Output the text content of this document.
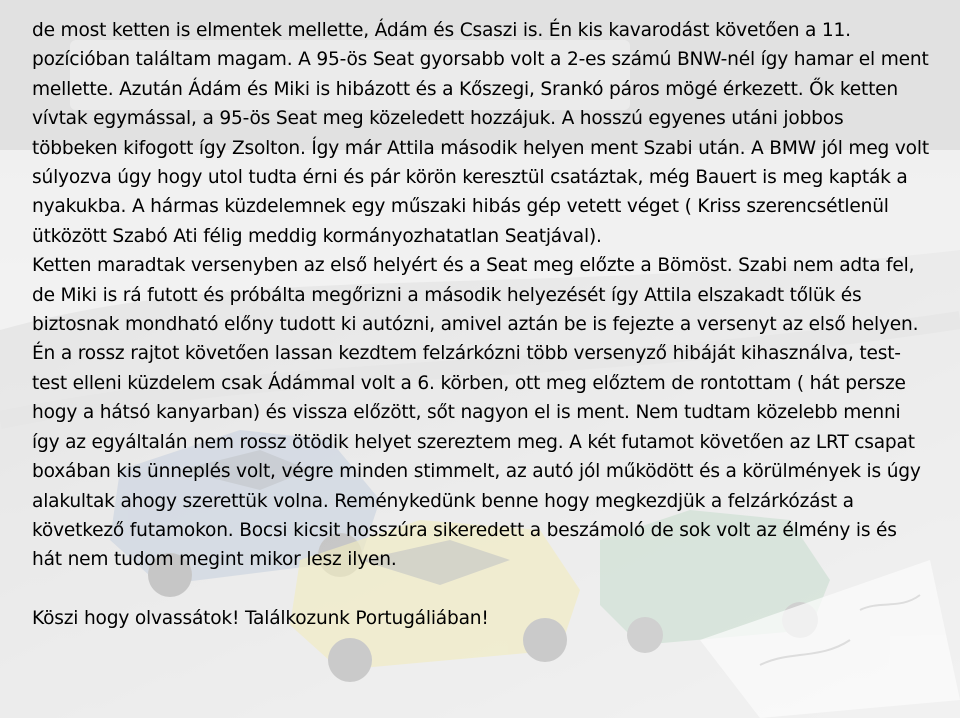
de most ketten is elmentek mellette, Ádám és Csaszi is. Én kis kavarodást követően a 11. pozícióban találtam magam. A 95-ös Seat gyorsabb volt a 2-es számú BNW-nél így hamar el ment mellette. Azután Ádám és Miki is hibázott és a Kőszegi, Srankó páros mögé érkezett. Ők ketten vívtak egymással, a 95-ös Seat meg közeledett hozzájuk. A hosszú egyenes utáni jobbos többeken kifogott így Zsolton. Így már Attila második helyen ment Szabi után. A BMW jól meg volt súlyozva úgy hogy utol tudta érni és pár körön keresztül csatáztak, még Bauert is meg kapták a nyakukba. A hármas küzdelemnek egy műszaki hibás gép vetett véget ( Kriss szerencsétlenül ütközött Szabó Ati félig meddig kormányozhatatlan Seatjával).

Ketten maradtak versenyben az első helyért és a Seat meg előzte a Bömöst. Szabi nem adta fel, de Miki is rá futott és próbálta megőrizni a második helyezését így Attila elszakadt tőlük és biztosnak mondható előny tudott ki autózni, amivel aztán be is fejezte a versenyt az első helyen. Én a rossz rajtot követően lassan kezdtem felzárkózni több versenyző hibáját kihasználva, test-test elleni küzdelem csak Ádámmal volt a 6. körben, ott meg előztem de rontottam ( hát persze hogy a hátsó kanyarban) és vissza előzött, sőt nagyon el is ment. Nem tudtam közelebb menni így az egyáltalán nem rossz ötödik helyet szereztem meg. A két futamot követően az LRT csapat boxában kis ünneplés volt, végre minden stimmelt, az autó jól működött és a körülmények is úgy alakultak ahogy szerettük volna. Reménykedünk benne hogy megkezdjük a felzárkózást a következő futamokon. Bocsi kicsit hosszúra sikeredett a beszámoló de sok volt az élmény is és hát nem tudom megint mikor lesz ilyen.

Köszi hogy olvassátok! Találkozunk Portugáliában!
